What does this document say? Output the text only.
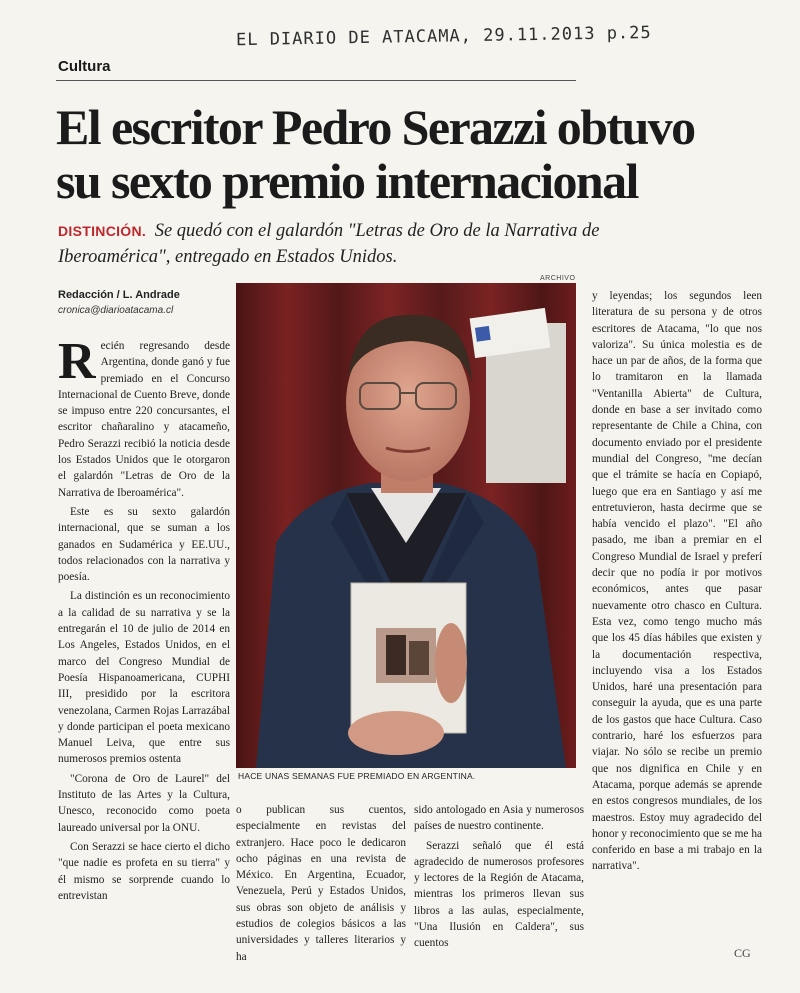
EL DIARIO DE ATACAMA, 29.11.2013 p.25
Cultura
El escritor Pedro Serazzi obtuvo
su sexto premio internacional
DISTINCIÓN. Se quedó con el galardón "Letras de Oro de la Narrativa de Iberoamérica", entregado en Estados Unidos.
Redacción / L. Andrade
cronica@diarioatacama.cl

Recién regresando desde Argentina, donde ganó y fue premiado en el Concurso Internacional de Cuento Breve, donde se impuso entre 220 concursantes, el escritor chañaralino y atacameño, Pedro Serazzi recibió la noticia desde los Estados Unidos que le otorgaron el galardón "Letras de Oro de la Narrativa de Iberoamérica".

Este es su sexto galardón internacional, que se suman a los ganados en Sudamérica y EE.UU., todos relacionados con la narrativa y poesía.

La distinción es un reconocimiento a la calidad de su narrativa y se la entregarán el 10 de julio de 2014 en Los Angeles, Estados Unidos, en el marco del Congreso Mundial de Poesía Hispanoamericana, CUPHI III, presidido por la escritora venezolana, Carmen Rojas Larrazábal y donde participan el poeta mexicano Manuel Leiva, que entre sus numerosos premios ostenta

"Corona de Oro de Laurel" del Instituto de las Artes y la Cultura, Unesco, reconocido como poeta laureado universal por la ONU.

Con Serazzi se hace cierto el dicho "que nadie es profeta en su tierra" y él mismo se sorprende cuando lo entrevistan

ARCHIVO
HACE UNAS SEMANAS FUE PREMIADO EN ARGENTINA.

o publican sus cuentos, especialmente en revistas del extranjero. Hace poco le dedicaron ocho páginas en una revista de México. En Argentina, Ecuador, Venezuela, Perú y Estados Unidos, sus obras son objeto de análisis y estudios de colegios básicos a las universidades y talleres literarios y ha

sido antologado en Asia y numerosos países de nuestro continente.

Serazzi señaló que él está agradecido de numerosos profesores y lectores de la Región de Atacama, mientras los primeros llevan sus libros a las aulas, especialmente, "Una Ilusión en Caldera", sus cuentos

y leyendas; los segundos leen literatura de su persona y de otros escritores de Atacama, "lo que nos valoriza". Su única molestia es de hace un par de años, de la forma que lo tramitaron en la llamada "Ventanilla Abierta" de Cultura, donde en base a ser invitado como representante de Chile a China, con documento enviado por el presidente mundial del Congreso, "me decían que el trámite se hacía en Copiapó, luego que era en Santiago y así me entretuvieron, hasta decirme que se había vencido el plazo". "El año pasado, me iban a premiar en el Congreso Mundial de Israel y preferí decir que no podía ir por motivos económicos, antes que pasar nuevamente otro chasco en Cultura. Esta vez, como tengo mucho más que los 45 días hábiles que existen y la documentación respectiva, incluyendo visa a los Estados Unidos, haré una presentación para conseguir la ayuda, que es una parte de los gastos que hace Cultura. Caso contrario, haré los esfuerzos para viajar. No sólo se recibe un premio que nos dignifica en Chile y en Atacama, porque además se aprende en estos congresos mundiales, de los maestros. Estoy muy agradecido del honor y reconocimiento que se me ha conferido en base a mi trabajo en la narrativa".

CG
